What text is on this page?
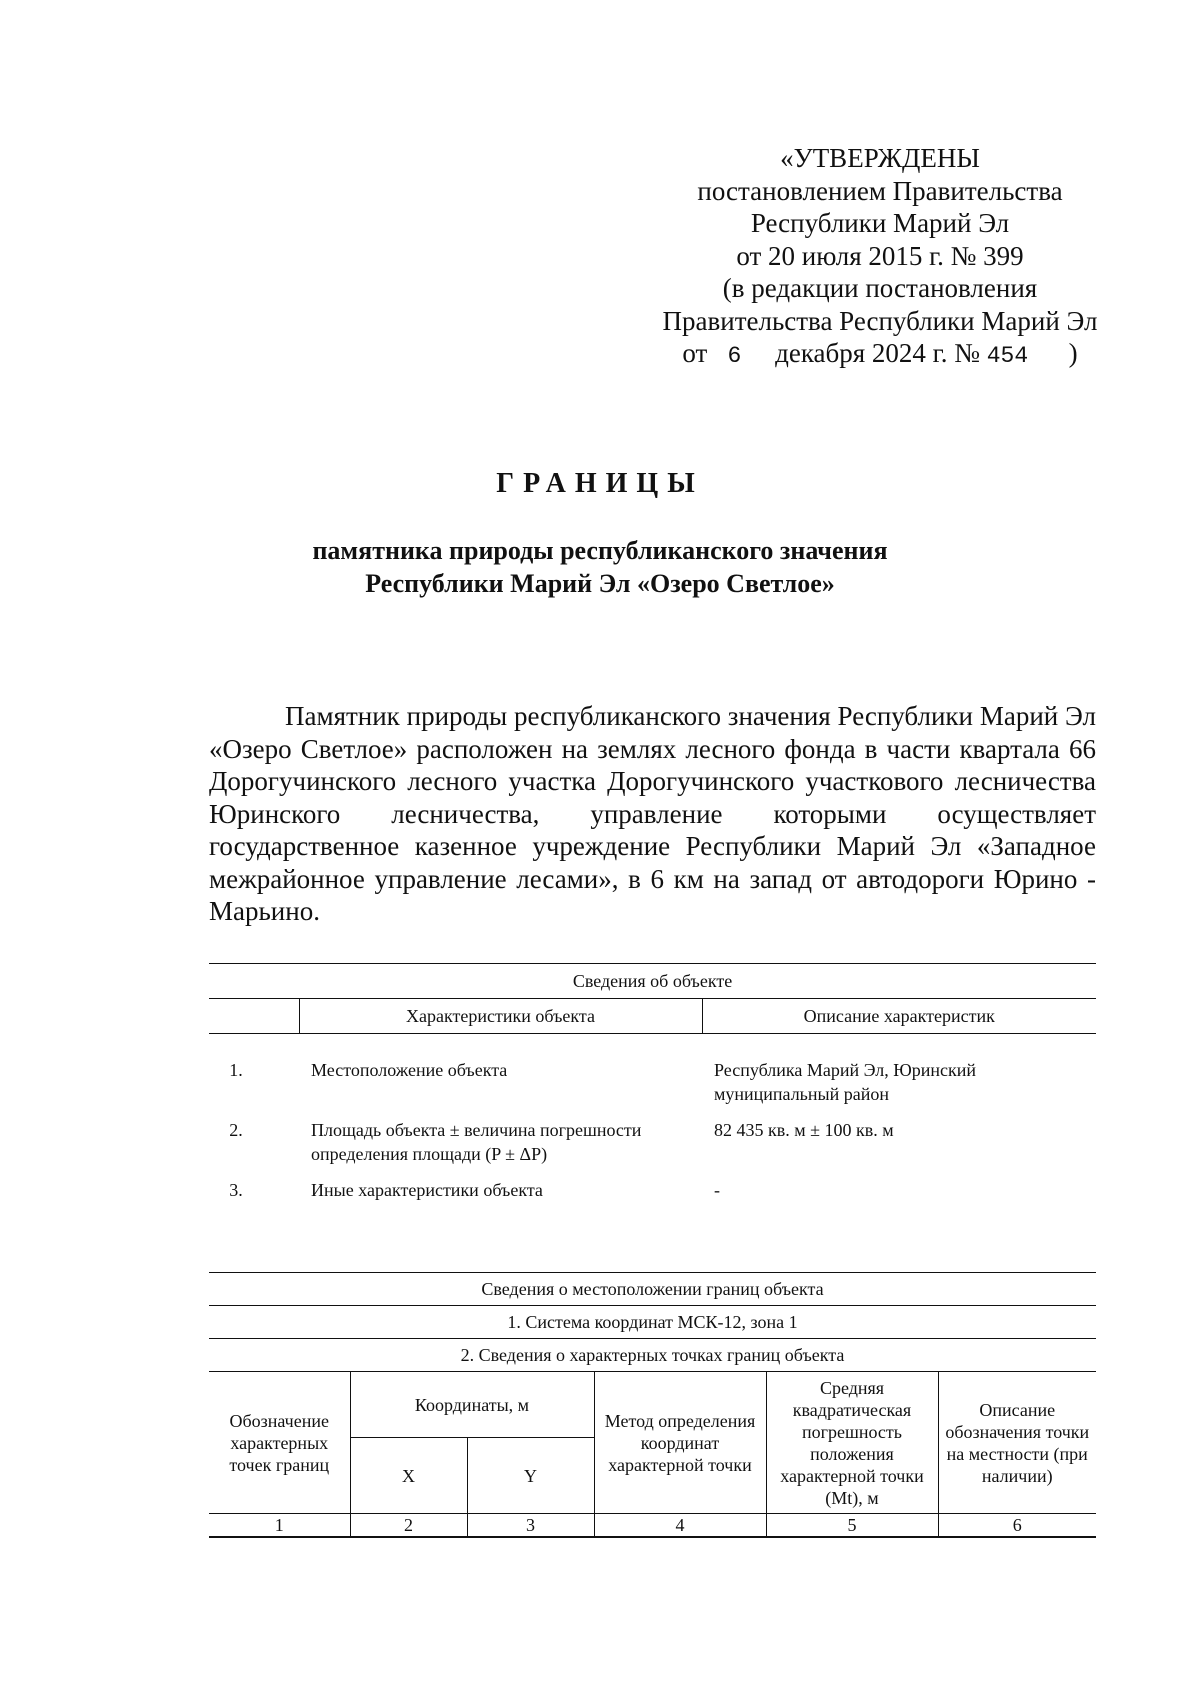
«УТВЕРЖДЕНЫ
постановлением Правительства
Республики Марий Эл
от 20 июля 2015 г. № 399
(в редакции постановления
Правительства Республики Марий Эл
от 6 декабря 2024 г. № 454 )
ГРАНИЦЫ
памятника природы республиканского значения
Республики Марий Эл «Озеро Светлое»
Памятник природы республиканского значения Республики Марий Эл «Озеро Светлое» расположен на землях лесного фонда в части квартала 66 Дорогучинского лесного участка Дорогучинского участкового лесничества Юринского лесничества, управление которыми осуществляет государственное казенное учреждение Республики Марий Эл «Западное межрайонное управление лесами», в 6 км на запад от автодороги Юрино - Марьино.
Сведения об объекте		
	Характеристики объекта	Описание характеристик

1.	Местоположение объекта	Республика Марий Эл, Юринский муниципальный район
2.	Площадь объекта ± величина погрешности определения площади (P ± ΔP)	82 435 кв. м ± 100 кв. м
3.	Иные характеристики объекта	-
Сведения о местоположении границ объекта					
1. Система координат МСК-12, зона 1					
2. Сведения о характерных точках границ объекта					
Обозначение характерных точек границ	Координаты, м		Метод определения координат характерной точки	Средняя квадратическая погрешность положения характерной точки (Mt), м	Описание обозначения точки на местности (при наличии)
	X	Y			
1	2	3	4	5	6
